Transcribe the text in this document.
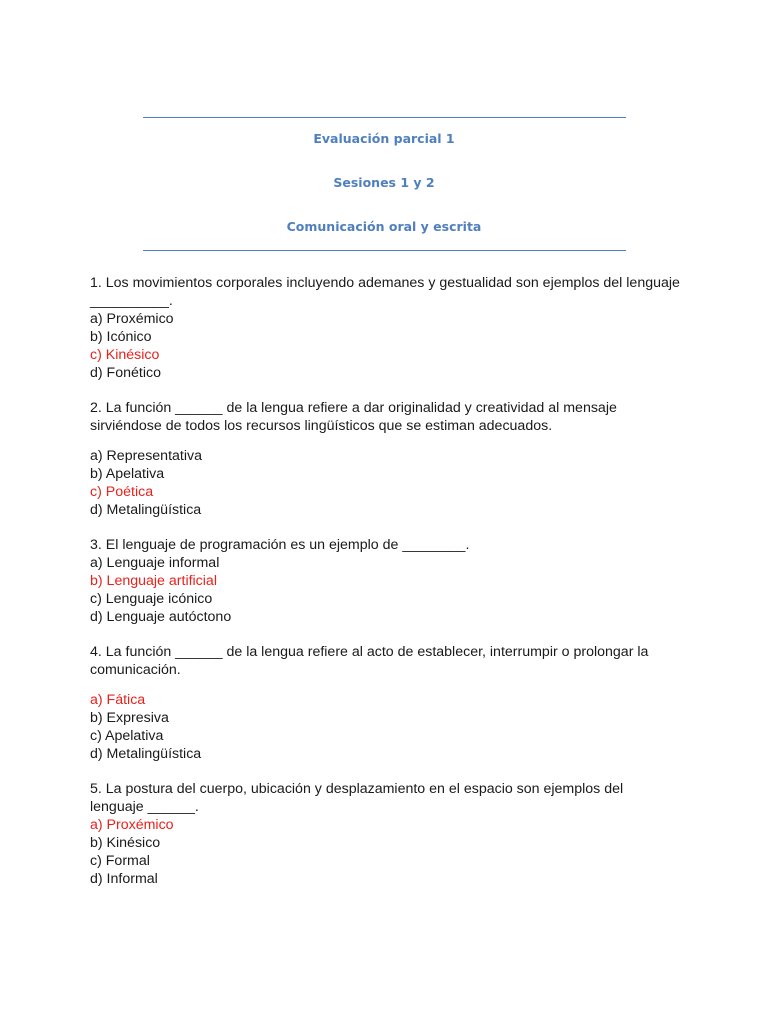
Evaluación parcial 1
Sesiones 1 y 2
Comunicación oral y escrita

1. Los movimientos corporales incluyendo ademanes y gestualidad son ejemplos del lenguaje __________.

a) Proxémico
b) Icónico
c) Kinésico
d) Fonético

2. La función ______ de la lengua refiere a dar originalidad y creatividad al mensaje sirviéndose de todos los recursos lingüísticos que se estiman adecuados.

a) Representativa
b) Apelativa
c) Poética
d) Metalingüística

3. El lenguaje de programación es un ejemplo de ________.

a) Lenguaje informal
b) Lenguaje artificial
c) Lenguaje icónico
d) Lenguaje autóctono

4. La función ______ de la lengua refiere al acto de establecer, interrumpir o prolongar la comunicación.

a) Fática
b) Expresiva
c) Apelativa
d) Metalingüística

5. La postura del cuerpo, ubicación y desplazamiento en el espacio son ejemplos del lenguaje ______.

a) Proxémico
b) Kinésico
c) Formal
d) Informal
